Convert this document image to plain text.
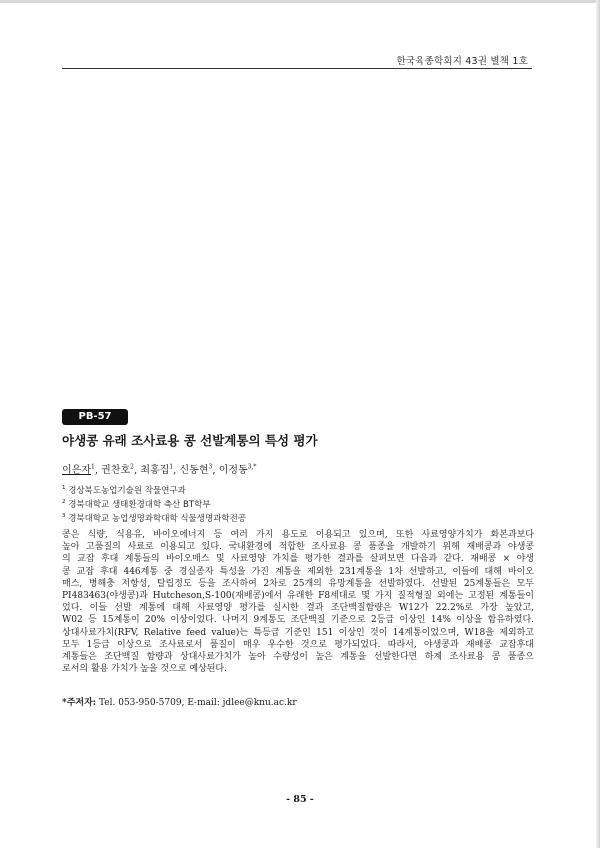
한국육종학회지 43권 별책 1호
PB-57
야생콩 유래 조사료용 콩 선발계통의 특성 평가
이은자$^1$, 권찬호$^2$, 최홍집$^1$, 신동현$^3$, 이정동$^{3,*}$
$^1$ 경상북도농업기술원 작물연구과
$^2$ 경북대학교 생태환경대학 축산 BT학부
$^3$ 경북대학교 농업생명과학대학 식물생명과학전공
콩은 식량, 식용유, 바이오에너지 등 여러 가지 용도로 이용되고 있으며, 또한 사료영양가치가 화본과보다
높아 고품질의 사료로 이용되고 있다. 국내환경에 적합한 조사료용 콩 품종을 개발하기 위해 재배콩과 야생콩
의 교잡 후대 계통들의 바이오매스 및 사료영양 가치를 평가한 결과를 살펴보면 다음과 같다. 재배콩 × 야생
콩 교잡 후대 446계통 중 경실종자 특성을 가진 계통을 제외한 231계통을 1차 선발하고, 이들에 대해 바이오
매스, 병해충 저항성, 탈립정도 등을 조사하여 2차로 25개의 유망계통을 선발하였다. 선발된 25계통들은 모두
PI483463(야생콩)과 Hutcheson,S-100(재배콩)에서 유래한 F8세대로 몇 가지 질적형질 외에는 고정된 계통들이
었다. 이들 선발 계통에 대해 사료영양 평가를 실시한 결과 조단백질함량은 W12가 22.2%로 가장 높았고,
W02 등 15계통이 20% 이상이었다. 나머지 9계통도 조단백질 기준으로 2등급 이상인 14% 이상을 함유하였다.
상대사료가치(RFV, Relative feed value)는 특등급 기준인 151 이상인 것이 14계통이었으며, W18을 제외하고
모두 1등급 이상으로 조사료로서 품질이 매우 우수한 것으로 평가되었다. 따라서, 야생콩과 재배콩 교잡후대
계통들은 조단백질 함량과 상대사료가치가 높아 수량성이 높은 계통을 선발한다면 하계 조사료용 콩 품종으
로서의 활용 가치가 높을 것으로 예상된다.
*주저자: Tel. 053-950-5709, E-mail: jdlee@knu.ac.kr
- 85 -
